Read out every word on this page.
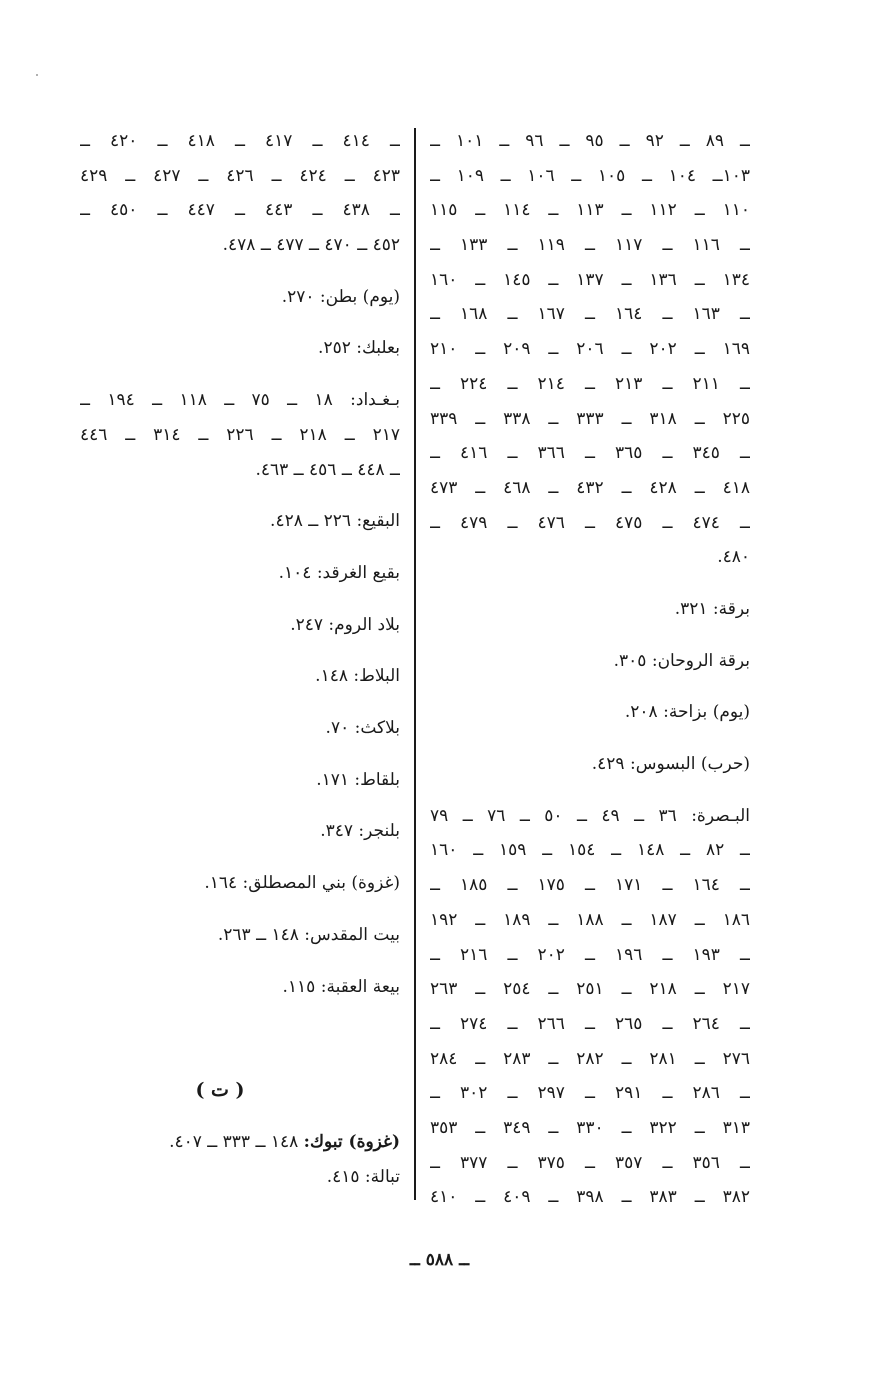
ــ ٨٩ ــ ٩٢ ــ ٩٥ ــ ٩٦ ــ ١٠١ ــ
١٠٣ــ ١٠٤ ــ ١٠٥ ــ ١٠٦ ــ ١٠٩ ــ
١١٠ ــ ١١٢ ــ ١١٣ ــ ١١٤ ــ ١١٥
ــ ١١٦ ــ ١١٧ ــ ١١٩ ــ ١٣٣ ــ
١٣٤ ــ ١٣٦ ــ ١٣٧ ــ ١٤٥ ــ ١٦٠
ــ ١٦٣ ــ ١٦٤ ــ ١٦٧ ــ ١٦٨ ــ
١٦٩ ــ ٢٠٢ ــ ٢٠٦ ــ ٢٠٩ ــ ٢١٠
ــ ٢١١ ــ ٢١٣ ــ ٢١٤ ــ ٢٢٤ ــ
٢٢٥ ــ ٣١٨ ــ ٣٣٣ ــ ٣٣٨ ــ ٣٣٩
ــ ٣٤٥ ــ ٣٦٥ ــ ٣٦٦ ــ ٤١٦ ــ
٤١٨ ــ ٤٢٨ ــ ٤٣٢ ــ ٤٦٨ ــ ٤٧٣
ــ ٤٧٤ ــ ٤٧٥ ــ ٤٧٦ ــ ٤٧٩ ــ
٤٨٠.
برقة: ٣٢١.
برقة الروحان: ٣٠٥.
(يوم) بزاحة: ٢٠٨.
(حرب) البسوس: ٤٢٩.
البـصرة: ٣٦ ــ ٤٩ ــ ٥٠ ــ ٧٦ ــ ٧٩
ــ ٨٢ ــ ١٤٨ ــ ١٥٤ ــ ١٥٩ ــ ١٦٠
ــ ١٦٤ ــ ١٧١ ــ ١٧٥ ــ ١٨٥ ــ
١٨٦ ــ ١٨٧ ــ ١٨٨ ــ ١٨٩ ــ ١٩٢
ــ ١٩٣ ــ ١٩٦ ــ ٢٠٢ ــ ٢١٦ ــ
٢١٧ ــ ٢١٨ ــ ٢٥١ ــ ٢٥٤ ــ ٢٦٣
ــ ٢٦٤ ــ ٢٦٥ ــ ٢٦٦ ــ ٢٧٤ ــ
٢٧٦ ــ ٢٨١ ــ ٢٨٢ ــ ٢٨٣ ــ ٢٨٤
ــ ٢٨٦ ــ ٢٩١ ــ ٢٩٧ ــ ٣٠٢ ــ
٣١٣ ــ ٣٢٢ ــ ٣٣٠ ــ ٣٤٩ ــ ٣٥٣
ــ ٣٥٦ ــ ٣٥٧ ــ ٣٧٥ ــ ٣٧٧ ــ
٣٨٢ ــ ٣٨٣ ــ ٣٩٨ ــ ٤٠٩ ــ ٤١٠
ــ ٤١٤ ــ ٤١٧ ــ ٤١٨ ــ ٤٢٠ ــ
٤٢٣ ــ ٤٢٤ ــ ٤٢٦ ــ ٤٢٧ ــ ٤٢٩
ــ ٤٣٨ ــ ٤٤٣ ــ ٤٤٧ ــ ٤٥٠ ــ
٤٥٢ ــ ٤٧٠ ــ ٤٧٧ ــ ٤٧٨.
(يوم) بطن: ٢٧٠.
بعلبك: ٢٥٢.
بـغـداد: ١٨ ــ ٧٥ ــ ١١٨ ــ ١٩٤ ــ
٢١٧ ــ ٢١٨ ــ ٢٢٦ ــ ٣١٤ ــ ٤٤٦
ــ ٤٤٨ ــ ٤٥٦ ــ ٤٦٣.
البقيع: ٢٢٦ ــ ٤٢٨.
بقيع الغرقد: ١٠٤.
بلاد الروم: ٢٤٧.
البلاط: ١٤٨.
بلاكث: ٧٠.
بلقاط: ١٧١.
بلنجر: ٣٤٧.
(غزوة) بني المصطلق: ١٦٤.
بيت المقدس: ١٤٨ ــ ٢٦٣.
بيعة العقبة: ١١٥.
( ت )
(غزوة) تبوك: ١٤٨ ــ ٣٣٣ ــ ٤٠٧.
تبالة: ٤١٥.
ــ ٥٨٨ ــ
